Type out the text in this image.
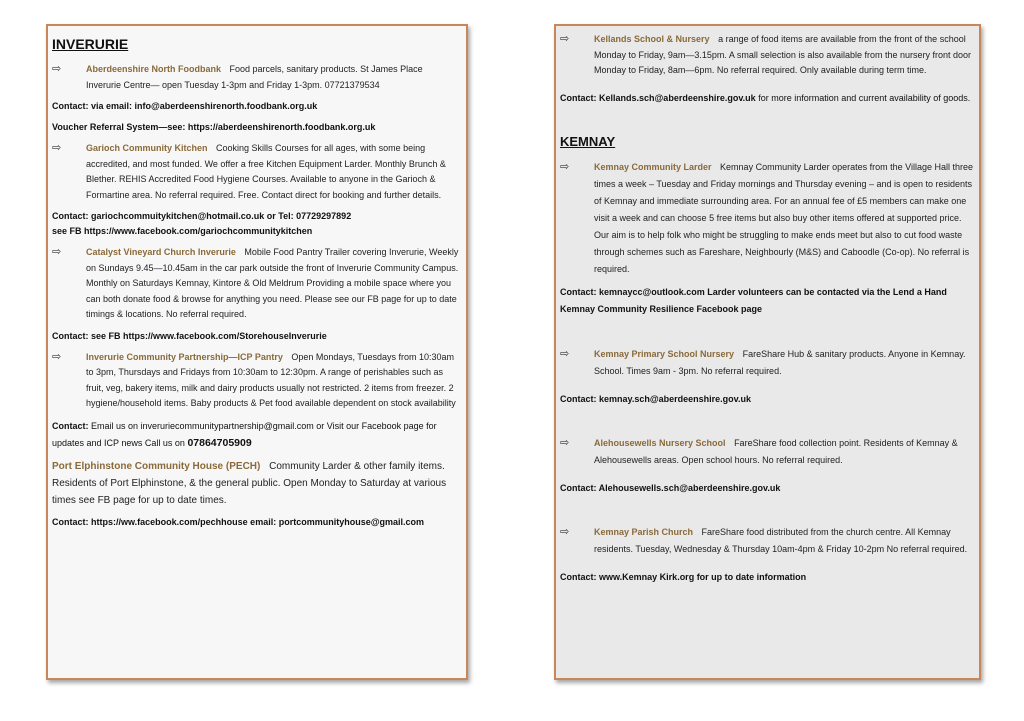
INVERURIE
⇨	Aberdeenshire North Foodbank Food parcels, sanitary products. St James Place Inverurie Centre— open Tuesday 1-3pm and Friday 1-3pm. 07721379534
Contact: via email: info@aberdeenshirenorth.foodbank.org.uk
Voucher Referral System—see: https://aberdeenshirenorth.foodbank.org.uk
⇨	Garioch Community Kitchen Cooking Skills Courses for all ages, with some being accredited, and most funded. We offer a free Kitchen Equipment Larder. Monthly Brunch & Blether. REHIS Accredited Food Hygiene Courses. Available to anyone in the Garioch & Formartine area. No referral required. Free. Contact direct for booking and further details.
Contact: gariochcommuitykitchen@hotmail.co.uk or Tel: 07729297892
see FB https://www.facebook.com/gariochcommunitykitchen
⇨	Catalyst Vineyard Church Inverurie Mobile Food Pantry Trailer covering Inverurie, Weekly on Sundays 9.45—10.45am in the car park outside the front of Inverurie Community Campus. Monthly on Saturdays Kemnay, Kintore & Old Meldrum Providing a mobile space where you can both donate food & browse for anything you need. Please see our FB page for up to date timings & locations. No referral required.
Contact: see FB https://www.facebook.com/StorehouseInverurie
⇨	Inverurie Community Partnership—ICP Pantry Open Mondays, Tuesdays from 10:30am to 3pm, Thursdays and Fridays from 10:30am to 12:30pm. A range of perishables such as fruit, veg, bakery items, milk and dairy products usually not restricted. 2 items from freezer. 2 hygiene/household items. Baby products & Pet food available dependent on stock availability
Contact: Email us on inveruriecommunitypartnership@gmail.com or Visit our Facebook page for updates and ICP news Call us on 07864705909
Port Elphinstone Community House (PECH) Community Larder & other family items. Residents of Port Elphinstone, & the general public. Open Monday to Saturday at various times see FB page for up to date times.
Contact: https://ww.facebook.com/pechhouse email: portcommunityhouse@gmail.com
⇨	Kellands School & Nursery a range of food items are available from the front of the school Monday to Friday, 9am—3.15pm. A small selection is also available from the nursery front door Monday to Friday, 8am—6pm. No referral required. Only available during term time.
Contact: Kellands.sch@aberdeenshire.gov.uk for more information and current availability of goods.
KEMNAY
⇨	Kemnay Community Larder Kemnay Community Larder operates from the Village Hall three times a week – Tuesday and Friday mornings and Thursday evening – and is open to residents of Kemnay and immediate surrounding area. For an annual fee of £5 members can make one visit a week and can choose 5 free items but also buy other items offered at supported price. Our aim is to help folk who might be struggling to make ends meet but also to cut food waste through schemes such as Fareshare, Neighbourly (M&S) and Caboodle (Co-op). No referral is required.
Contact: kemnaycc@outlook.com Larder volunteers can be contacted via the Lend a Hand Kemnay Community Resilience Facebook page
⇨	Kemnay Primary School Nursery FareShare Hub & sanitary products. Anyone in Kemnay. School. Times 9am - 3pm. No referral required.
Contact: kemnay.sch@aberdeenshire.gov.uk
⇨	Alehousewells Nursery School FareShare food collection point. Residents of Kemnay & Alehousewells areas. Open school hours. No referral required.
Contact: Alehousewells.sch@aberdeenshire.gov.uk
⇨	Kemnay Parish Church FareShare food distributed from the church centre. All Kemnay residents. Tuesday, Wednesday & Thursday 10am-4pm & Friday 10-2pm No referral required.
Contact: www.Kemnay Kirk.org for up to date information
